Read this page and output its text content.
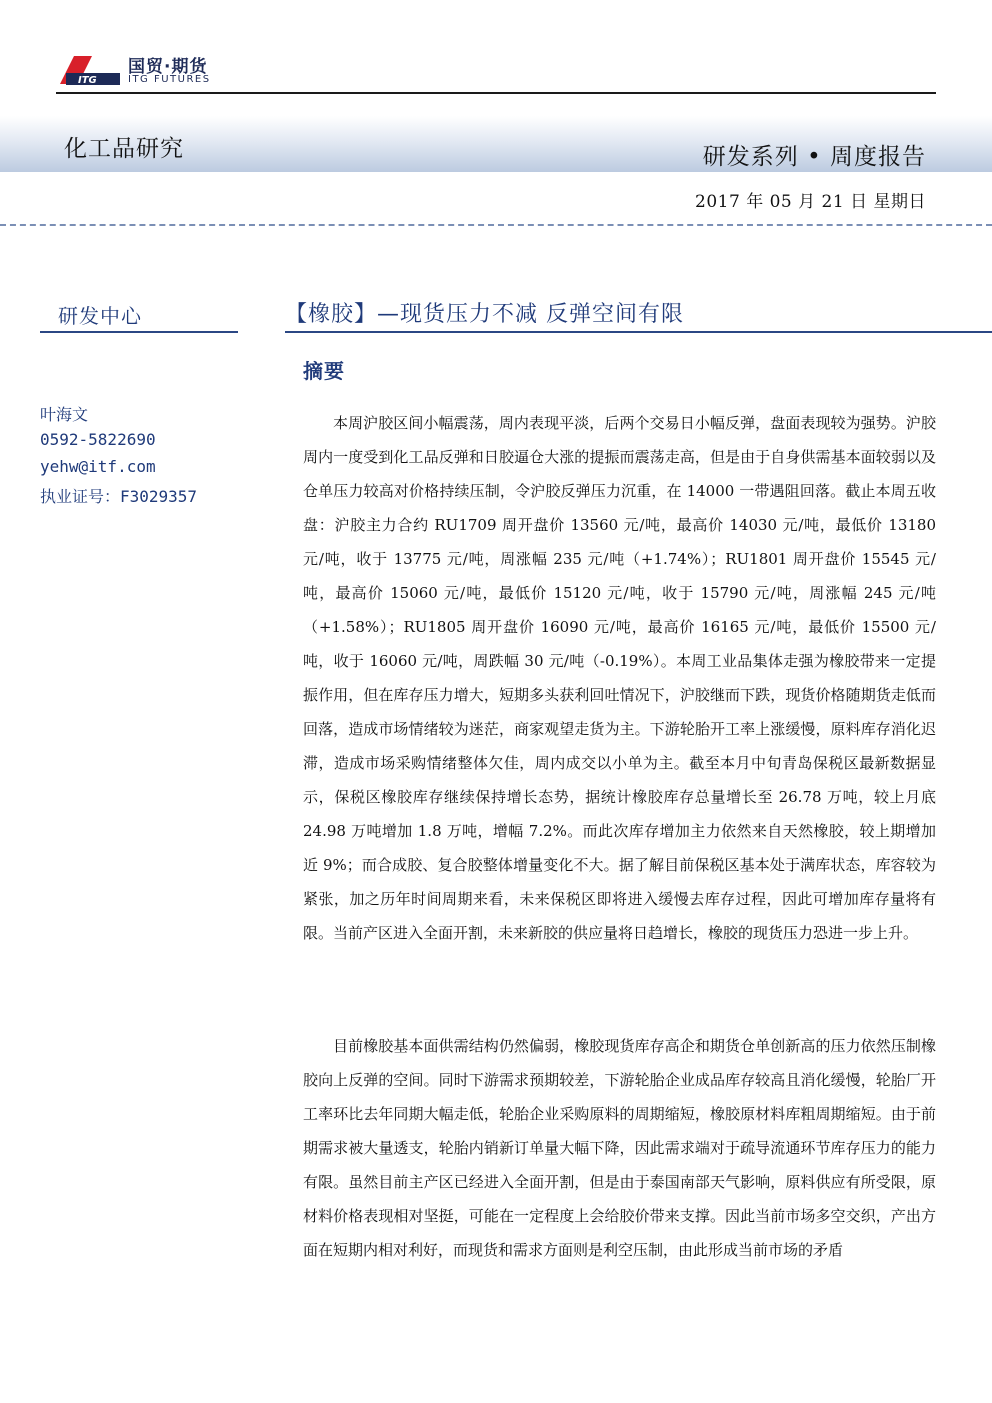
ITG
国贸·期货
ITG FUTURES
化工品研究	研发系列 • 周度报告
2017 年 05 月 21 日 星期日
研发中心
叶海文
0592-5822690
yehw@itf.com
执业证号：F3029357
【橡胶】—现货压力不减 反弹空间有限
摘要

本周沪胶区间小幅震荡，周内表现平淡，后两个交易日小幅反弹，盘面表现较为强势。沪胶周内一度受到化工品反弹和日胶逼仓大涨的提振而震荡走高，但是由于自身供需基本面较弱以及仓单压力较高对价格持续压制，令沪胶反弹压力沉重，在 14000 一带遇阻回落。截止本周五收盘：沪胶主力合约 RU1709 周开盘价 13560 元/吨，最高价 14030 元/吨，最低价 13180 元/吨，收于 13775 元/吨，周涨幅 235 元/吨（+1.74%）；RU1801 周开盘价 15545 元/吨，最高价 15060 元/吨，最低价 15120 元/吨，收于 15790 元/吨，周涨幅 245 元/吨（+1.58%）；RU1805 周开盘价 16090 元/吨，最高价 16165 元/吨，最低价 15500 元/吨，收于 16060 元/吨，周跌幅 30 元/吨（-0.19%）。本周工业品集体走强为橡胶带来一定提振作用，但在库存压力增大，短期多头获利回吐情况下，沪胶继而下跌，现货价格随期货走低而回落，造成市场情绪较为迷茫，商家观望走货为主。下游轮胎开工率上涨缓慢，原料库存消化迟滞，造成市场采购情绪整体欠佳，周内成交以小单为主。截至本月中旬青岛保税区最新数据显示，保税区橡胶库存继续保持增长态势，据统计橡胶库存总量增长至 26.78 万吨，较上月底 24.98 万吨增加 1.8 万吨，增幅 7.2%。而此次库存增加主力依然来自天然橡胶，较上期增加近 9%；而合成胶、复合胶整体增量变化不大。据了解目前保税区基本处于满库状态，库容较为紧张，加之历年时间周期来看，未来保税区即将进入缓慢去库存过程，因此可增加库存量将有限。当前产区进入全面开割，未来新胶的供应量将日趋增长，橡胶的现货压力恐进一步上升。

目前橡胶基本面供需结构仍然偏弱，橡胶现货库存高企和期货仓单创新高的压力依然压制橡胶向上反弹的空间。同时下游需求预期较差，下游轮胎企业成品库存较高且消化缓慢，轮胎厂开工率环比去年同期大幅走低，轮胎企业采购原料的周期缩短，橡胶原材料库粗周期缩短。由于前期需求被大量透支，轮胎内销新订单量大幅下降，因此需求端对于疏导流通环节库存压力的能力有限。虽然目前主产区已经进入全面开割，但是由于泰国南部天气影响，原料供应有所受限，原材料价格表现相对坚挺，可能在一定程度上会给胶价带来支撑。因此当前市场多空交织，产出方面在短期内相对利好，而现货和需求方面则是利空压制，由此形成当前市场的矛盾
